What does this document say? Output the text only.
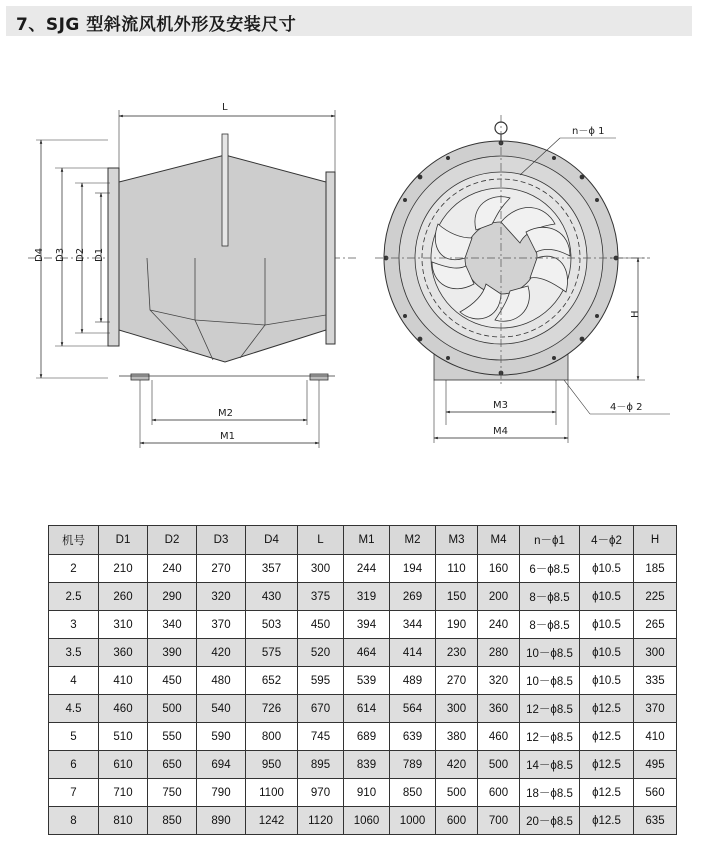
7、SJG 型斜流风机外形及安装尺寸
L
D4 D3 D2 D1
M2
M1
n－ϕ 1
H
M3
M4
4－ϕ 2
机号	D1	D2	D3	D4	L	M1	M2	M3	M4	n－ϕ1	4－ϕ2	H
2	210	240	270	357	300	244	194	110	160	6－ϕ8.5	ϕ10.5	185
2.5	260	290	320	430	375	319	269	150	200	8－ϕ8.5	ϕ10.5	225
3	310	340	370	503	450	394	344	190	240	8－ϕ8.5	ϕ10.5	265
3.5	360	390	420	575	520	464	414	230	280	10－ϕ8.5	ϕ10.5	300
4	410	450	480	652	595	539	489	270	320	10－ϕ8.5	ϕ10.5	335
4.5	460	500	540	726	670	614	564	300	360	12－ϕ8.5	ϕ12.5	370
5	510	550	590	800	745	689	639	380	460	12－ϕ8.5	ϕ12.5	410
6	610	650	694	950	895	839	789	420	500	14－ϕ8.5	ϕ12.5	495
7	710	750	790	1100	970	910	850	500	600	18－ϕ8.5	ϕ12.5	560
8	810	850	890	1242	1120	1060	1000	600	700	20－ϕ8.5	ϕ12.5	635
